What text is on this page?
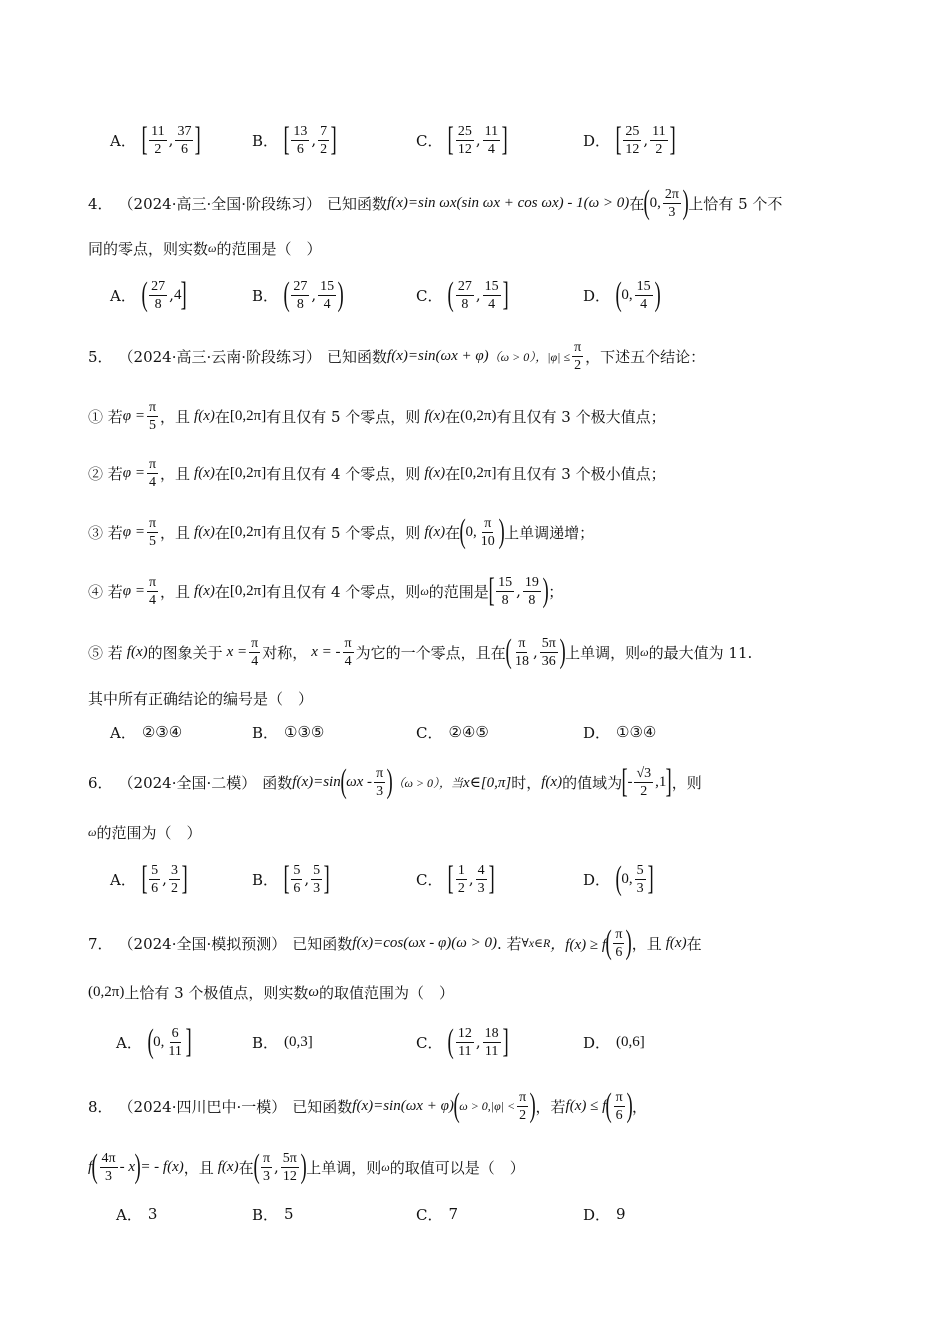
A． [ $\frac{11}{2}$ , $\frac{37}{6}$ ]	B． [ $\frac{13}{6}$ , $\frac{7}{2}$ ]	C． [ $\frac{25}{12}$ , $\frac{11}{4}$ ]	D． [ $\frac{25}{12}$ , $\frac{11}{2}$ ]
4． （2024·高三·全国·阶段练习） 已知函数 f(x)=sin ωx(sin ωx + cos ωx) - 1(ω > 0) 在 ( 0, $\frac{2\pi}{3}$ ) 上恰有 5 个不
同的零点，则实数 ω 的范围是（　）
A． ( $\frac{27}{8}$ , 4 ]	B． ( $\frac{27}{8}$ , $\frac{15}{4}$ )	C． ( $\frac{27}{8}$ , $\frac{15}{4}$ ]	D． ( 0, $\frac{15}{4}$ )
5． （2024·高三·云南·阶段练习） 已知函数 f(x)=sin(ωx + φ) （ω > 0），$|\varphi| \le \frac{\pi}{2}$ ，下述五个结论：
① 若 $\varphi = \frac{\pi}{5}$ ，且 f(x) 在 [0,2π] 有且仅有 5 个零点，则 f(x) 在 (0,2π) 有且仅有 3 个极大值点；
② 若 $\varphi = \frac{\pi}{4}$ ，且 f(x) 在 [0,2π] 有且仅有 4 个零点，则 f(x) 在 [0,2π] 有且仅有 3 个极小值点；
③ 若 $\varphi = \frac{\pi}{5}$ ，且 f(x) 在 [0,2π] 有且仅有 5 个零点，则 f(x) 在 ( 0, $\frac{\pi}{10}$ ) 上单调递增；
④ 若 $\varphi = \frac{\pi}{4}$ ，且 f(x) 在 [0,2π] 有且仅有 4 个零点，则 ω 的范围是 [ $\frac{15}{8}$ , $\frac{19}{8}$ ) ；
⑤ 若 f(x) 的图象关于 $x = \frac{\pi}{4}$ 对称， x = - $\frac{\pi}{4}$ 为它的一个零点，且在 ( $\frac{\pi}{18}$ , $\frac{5\pi}{36}$ ) 上单调，则 ω 的最大值为 11.
其中所有正确结论的编号是（　）
A． ②③④	B． ①③⑤	C． ②④⑤	D． ①③④
6． （2024·全国·二模） 函数 f(x)=sin ( ωx - $\frac{\pi}{3}$ ) （ω > 0），当 x∈[0,π] 时， f(x) 的值域为 [ - $\frac{√3}{2} ,1$ ] ，则
ω 的范围为（　）
A． [ $\frac{5}{6}$ , $\frac{3}{2}$ ]	B． [ $\frac{5}{6}$ , $\frac{5}{3}$ ]	C． [ $\frac{1}{2}$ , $\frac{4}{3}$ ]	D． ( 0, $\frac{5}{3}$ ]
7． （2024·全国·模拟预测） 已知函数 f(x)=cos(ωx - φ)(ω > 0) . 若 ∀x∈R ，f(x) ≥ f ( $\frac{\pi}{6}$ ) ，且 f(x) 在
(0,2π) 上恰有 3 个极值点，则实数 ω 的取值范围为（　）
A． ( 0, $\frac{6}{11}$ ]	B． (0,3]	C． ( $\frac{12}{11}$ , $\frac{18}{11}$ ]	D． (0,6]
8． （2024·四川巴中·一模） 已知函数 f(x)=sin(ωx + φ) ( $\omega > 0,|\varphi| < \frac{\pi}{2}$ ) ，若 f(x) ≤ f ( $\frac{\pi}{6}$ ) ，
f ( $\frac{4\pi}{3}$ - x ) = - f(x) ，且 f(x) 在 ( $\frac{\pi}{3}$ , $\frac{5\pi}{12}$ ) 上单调，则 ω 的取值可以是（　）
A． 3	B． 5	C． 7	D． 9
